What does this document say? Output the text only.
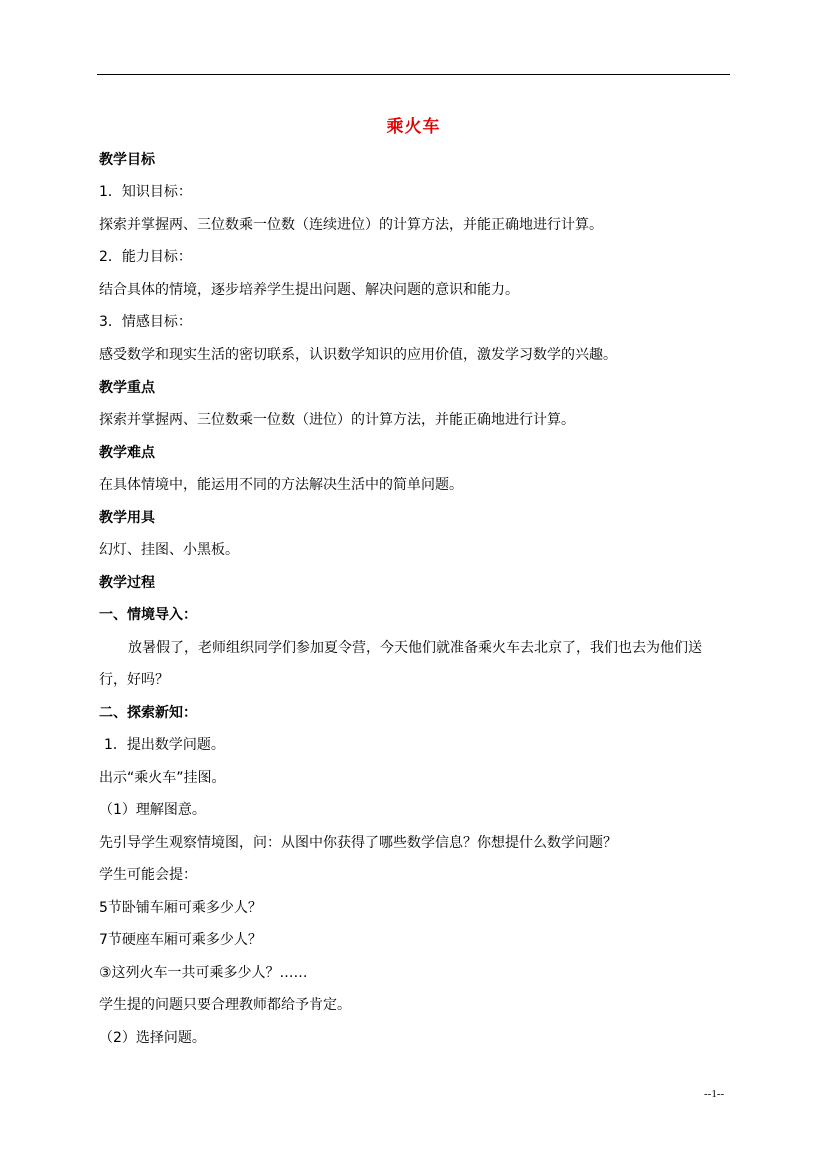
乘火车
教学目标
1．知识目标：
探索并掌握两、三位数乘一位数（连续进位）的计算方法，并能正确地进行计算。
2．能力目标：
结合具体的情境，逐步培养学生提出问题、解决问题的意识和能力。
3．情感目标：
感受数学和现实生活的密切联系，认识数学知识的应用价值，激发学习数学的兴趣。
教学重点
探索并掌握两、三位数乘一位数（进位）的计算方法，并能正确地进行计算。
教学难点
在具体情境中，能运用不同的方法解决生活中的简单问题。
教学用具
幻灯、挂图、小黑板。
教学过程
一、情境导入：
放暑假了，老师组织同学们参加夏令营，今天他们就准备乘火车去北京了，我们也去为他们送
行，好吗？
二、探索新知：
1．提出数学问题。
出示“乘火车”挂图。
（1）理解图意。
先引导学生观察情境图，问：从图中你获得了哪些数学信息？你想提什么数学问题？
学生可能会提：
5节卧铺车厢可乘多少人？
7节硬座车厢可乘多少人？
③这列火车一共可乘多少人？……
学生提的问题只要合理教师都给予肯定。
（2）选择问题。
--1--
